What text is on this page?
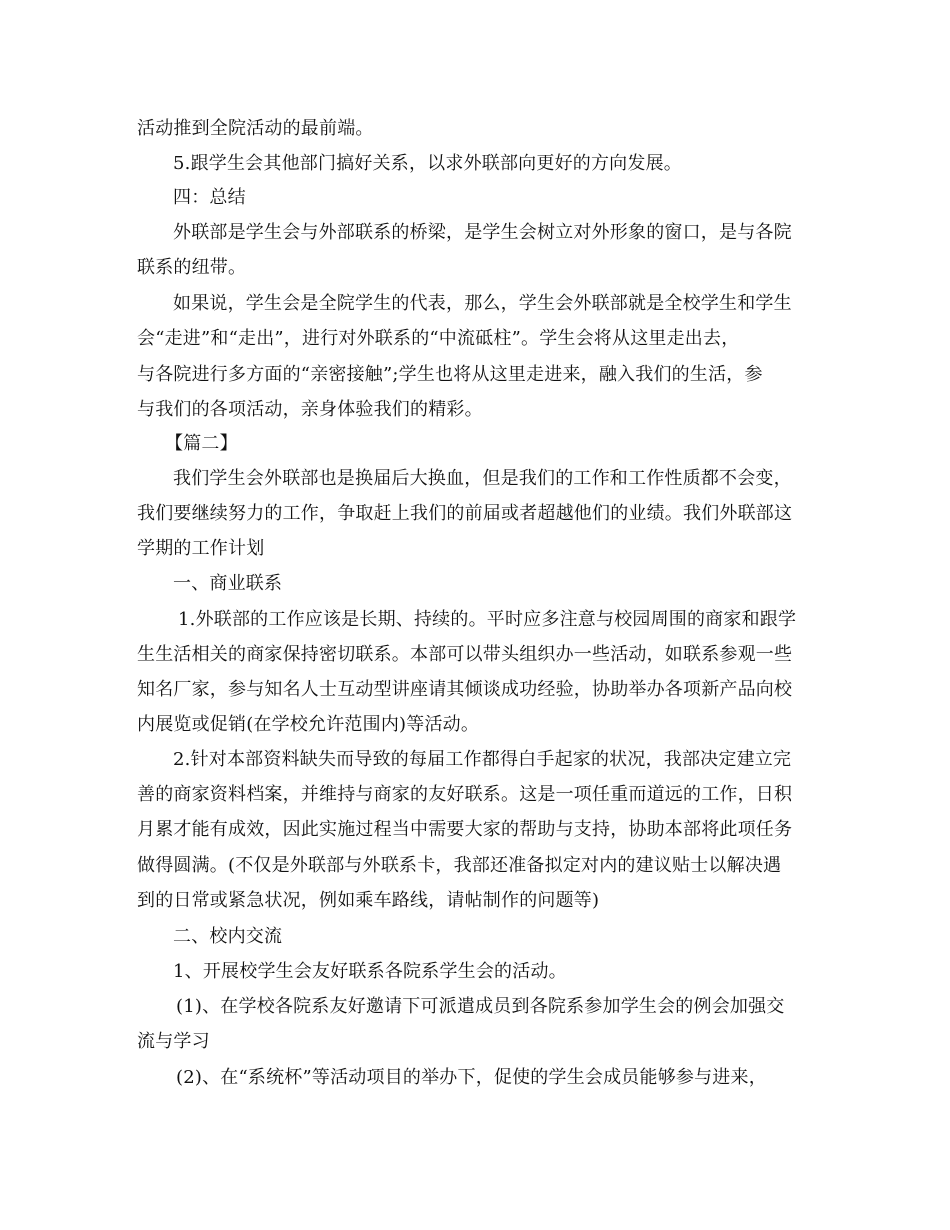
活动推到全院活动的最前端。
5.跟学生会其他部门搞好关系，以求外联部向更好的方向发展。
四：总结
外联部是学生会与外部联系的桥梁，是学生会树立对外形象的窗口，是与各院
联系的纽带。
如果说，学生会是全院学生的代表，那么，学生会外联部就是全校学生和学生
会“走进”和“走出”，进行对外联系的“中流砥柱”。学生会将从这里走出去，
与各院进行多方面的“亲密接触”;学生也将从这里走进来，融入我们的生活，参
与我们的各项活动，亲身体验我们的精彩。
【篇二】
我们学生会外联部也是换届后大换血，但是我们的工作和工作性质都不会变，
我们要继续努力的工作，争取赶上我们的前届或者超越他们的业绩。我们外联部这
学期的工作计划
一、商业联系
1.外联部的工作应该是长期、持续的。平时应多注意与校园周围的商家和跟学
生生活相关的商家保持密切联系。本部可以带头组织办一些活动，如联系参观一些
知名厂家，参与知名人士互动型讲座请其倾谈成功经验，协助举办各项新产品向校
内展览或促销(在学校允许范围内)等活动。
2.针对本部资料缺失而导致的每届工作都得白手起家的状况，我部决定建立完
善的商家资料档案，并维持与商家的友好联系。这是一项任重而道远的工作，日积
月累才能有成效，因此实施过程当中需要大家的帮助与支持，协助本部将此项任务
做得圆满。(不仅是外联部与外联系卡，我部还准备拟定对内的建议贴士以解决遇
到的日常或紧急状况，例如乘车路线，请帖制作的问题等)
二、校内交流
1、开展校学生会友好联系各院系学生会的活动。
(1)、在学校各院系友好邀请下可派遣成员到各院系参加学生会的例会加强交
流与学习
(2)、在“系统杯”等活动项目的举办下，促使的学生会成员能够参与进来，
